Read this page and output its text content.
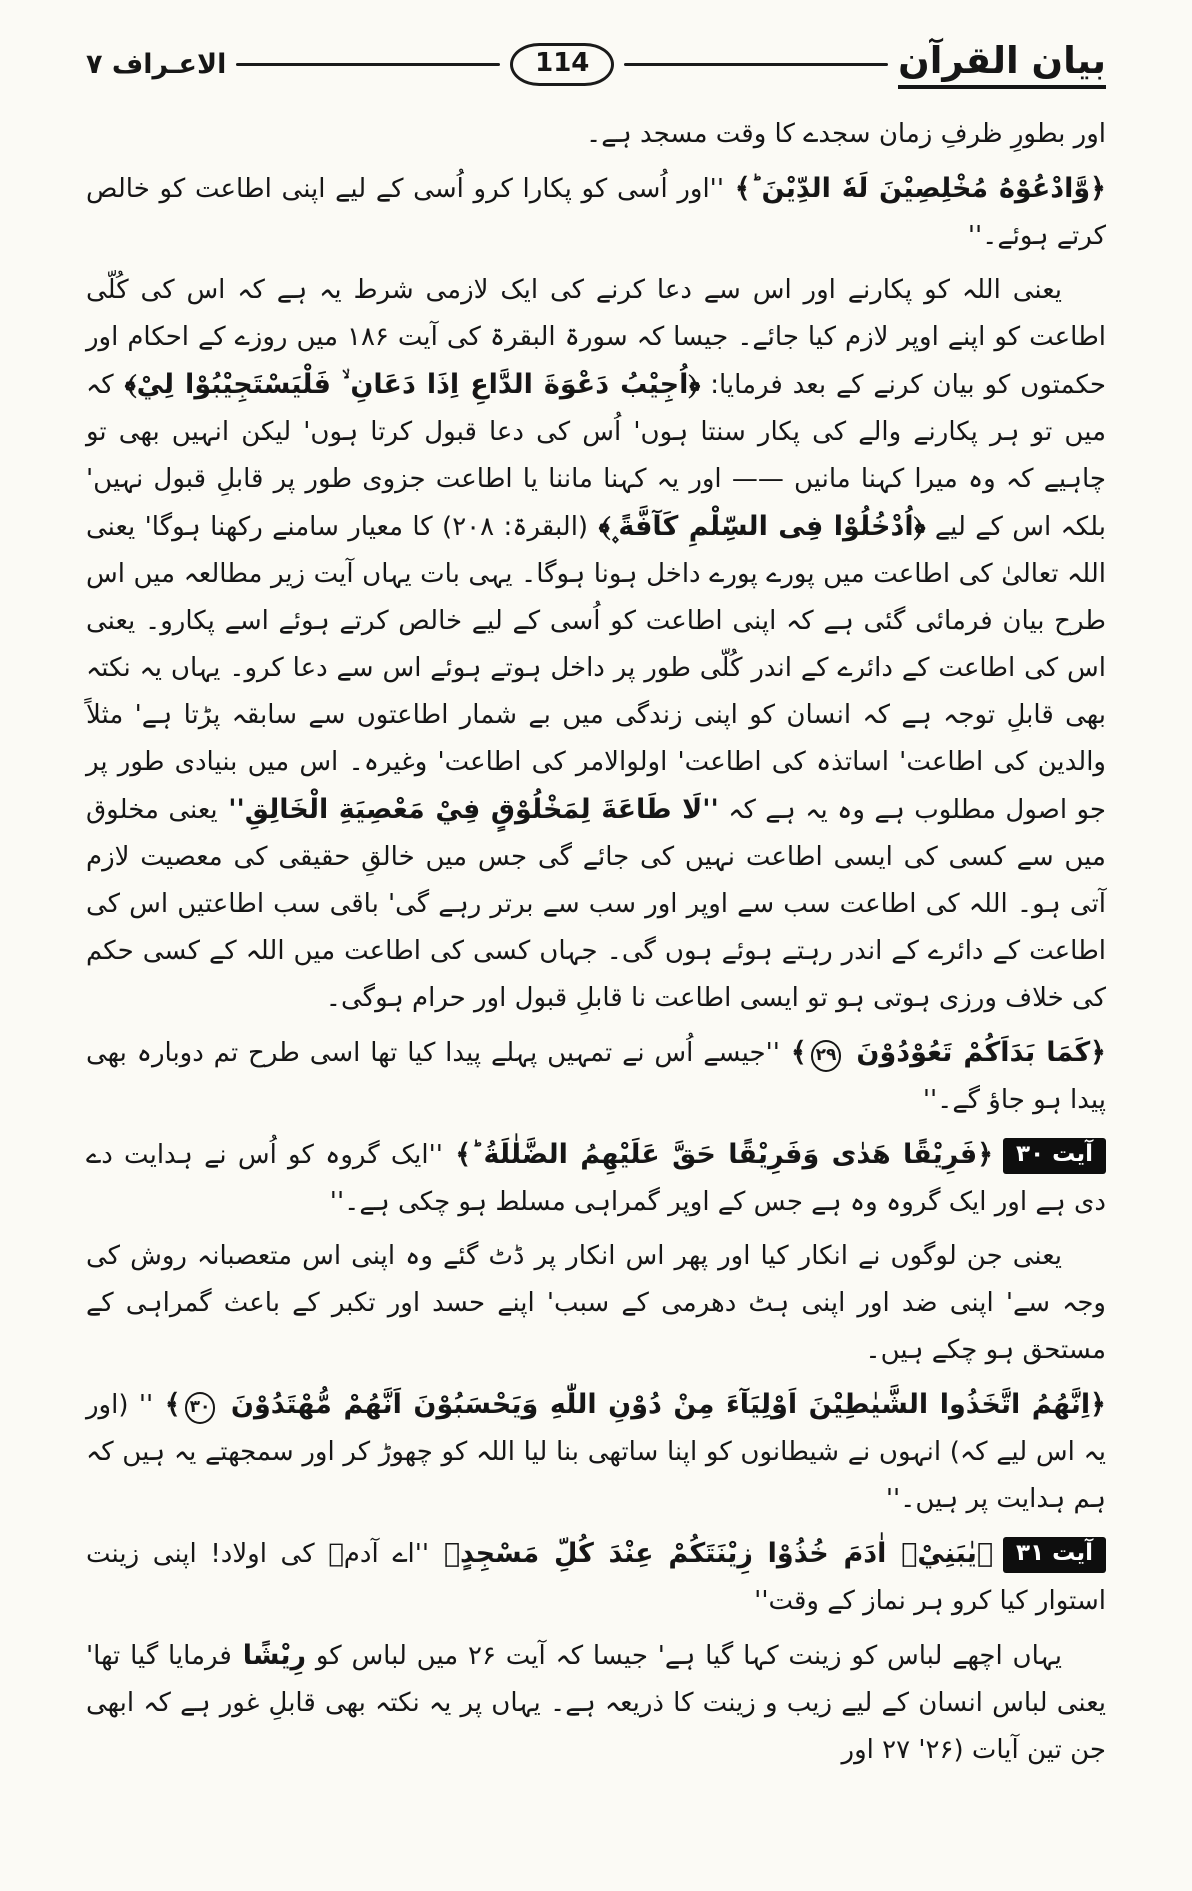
بیان القرآن
114
الاعـراف ۷

اور بطورِ ظرفِ زمان سجدے کا وقت مسجد ہے۔

﴿وَّادْعُوْهُ مُخْلِصِيْنَ لَهٗ الدِّيْنَ ؕ﴾ ''اور اُسی کو پکارا کرو اُسی کے لیے اپنی اطاعت کو خالص کرتے ہوئے۔''

یعنی اللہ کو پکارنے اور اس سے دعا کرنے کی ایک لازمی شرط یہ ہے کہ اس کی کُلّی اطاعت کو اپنے اوپر لازم کیا جائے۔ جیسا کہ سورۃ البقرۃ کی آیت ۱۸۶ میں روزے کے احکام اور حکمتوں کو بیان کرنے کے بعد فرمایا: ﴿اُجِيْبُ دَعْوَةَ الدَّاعِ اِذَا دَعَانِ ۙ فَلْيَسْتَجِيْبُوْا لِيْ﴾ کہ میں تو ہر پکارنے والے کی پکار سنتا ہوں' اُس کی دعا قبول کرتا ہوں' لیکن انہیں بھی تو چاہیے کہ وہ میرا کہنا مانیں —— اور یہ کہنا ماننا یا اطاعت جزوی طور پر قابلِ قبول نہیں' بلکہ اس کے لیے ﴿اُدْخُلُوْا فِی السِّلْمِ کَآفَّةً ۪﴾ (البقرۃ: ۲۰۸) کا معیار سامنے رکھنا ہوگا' یعنی اللہ تعالیٰ کی اطاعت میں پورے پورے داخل ہونا ہوگا۔ یہی بات یہاں آیت زیر مطالعہ میں اس طرح بیان فرمائی گئی ہے کہ اپنی اطاعت کو اُسی کے لیے خالص کرتے ہوئے اسے پکارو۔ یعنی اس کی اطاعت کے دائرے کے اندر کُلّی طور پر داخل ہوتے ہوئے اس سے دعا کرو۔ یہاں یہ نکتہ بھی قابلِ توجہ ہے کہ انسان کو اپنی زندگی میں بے شمار اطاعتوں سے سابقہ پڑتا ہے' مثلاً والدین کی اطاعت' اساتذہ کی اطاعت' اولوالامر کی اطاعت' وغیرہ۔ اس میں بنیادی طور پر جو اصول مطلوب ہے وہ یہ ہے کہ ''لَا طَاعَةَ لِمَخْلُوْقٍ فِيْ مَعْصِيَةِ الْخَالِقِ'' یعنی مخلوق میں سے کسی کی ایسی اطاعت نہیں کی جائے گی جس میں خالقِ حقیقی کی معصیت لازم آتی ہو۔ اللہ کی اطاعت سب سے اوپر اور سب سے برتر رہے گی' باقی سب اطاعتیں اس کی اطاعت کے دائرے کے اندر رہتے ہوئے ہوں گی۔ جہاں کسی کی اطاعت میں اللہ کے کسی حکم کی خلاف ورزی ہوتی ہو تو ایسی اطاعت نا قابلِ قبول اور حرام ہوگی۔

﴿کَمَا بَدَاَکُمْ تَعُوْدُوْنَ ۲۹﴾ ''جیسے اُس نے تمہیں پہلے پیدا کیا تھا اسی طرح تم دوبارہ بھی پیدا ہو جاؤ گے۔''

آیت ۳۰﴿فَرِيْقًا هَدٰی وَفَرِيْقًا حَقَّ عَلَيْهِمُ الضَّلٰلَةُ ؕ﴾ ''ایک گروہ کو اُس نے ہدایت دے دی ہے اور ایک گروہ وہ ہے جس کے اوپر گمراہی مسلط ہو چکی ہے۔''

یعنی جن لوگوں نے انکار کیا اور پھر اس انکار پر ڈٹ گئے وہ اپنی اس متعصبانہ روش کی وجہ سے' اپنی ضد اور اپنی ہٹ دھرمی کے سبب' اپنے حسد اور تکبر کے باعث گمراہی کے مستحق ہو چکے ہیں۔

﴿اِنَّهُمُ اتَّخَذُوا الشَّيٰطِيْنَ اَوْلِيَآءَ مِنْ دُوْنِ اللّٰهِ وَيَحْسَبُوْنَ اَنَّهُمْ مُّهْتَدُوْنَ ۳۰﴾ '' (اور یہ اس لیے کہ) انہوں نے شیطانوں کو اپنا ساتھی بنا لیا اللہ کو چھوڑ کر اور سمجھتے یہ ہیں کہ ہم ہدایت پر ہیں۔''

آیت ۳۱﴿يٰبَنِيْۤ اٰدَمَ خُذُوْا زِيْنَتَکُمْ عِنْدَ کُلِّ مَسْجِدٍ﴾ ''اے آدمؑ کی اولاد! اپنی زینت استوار کیا کرو ہر نماز کے وقت''

یہاں اچھے لباس کو زینت کہا گیا ہے' جیسا کہ آیت ۲۶ میں لباس کو رِيْشًا فرمایا گیا تھا' یعنی لباس انسان کے لیے زیب و زینت کا ذریعہ ہے۔ یہاں پر یہ نکتہ بھی قابلِ غور ہے کہ ابھی جن تین آیات (۲۶' ۲۷ اور
